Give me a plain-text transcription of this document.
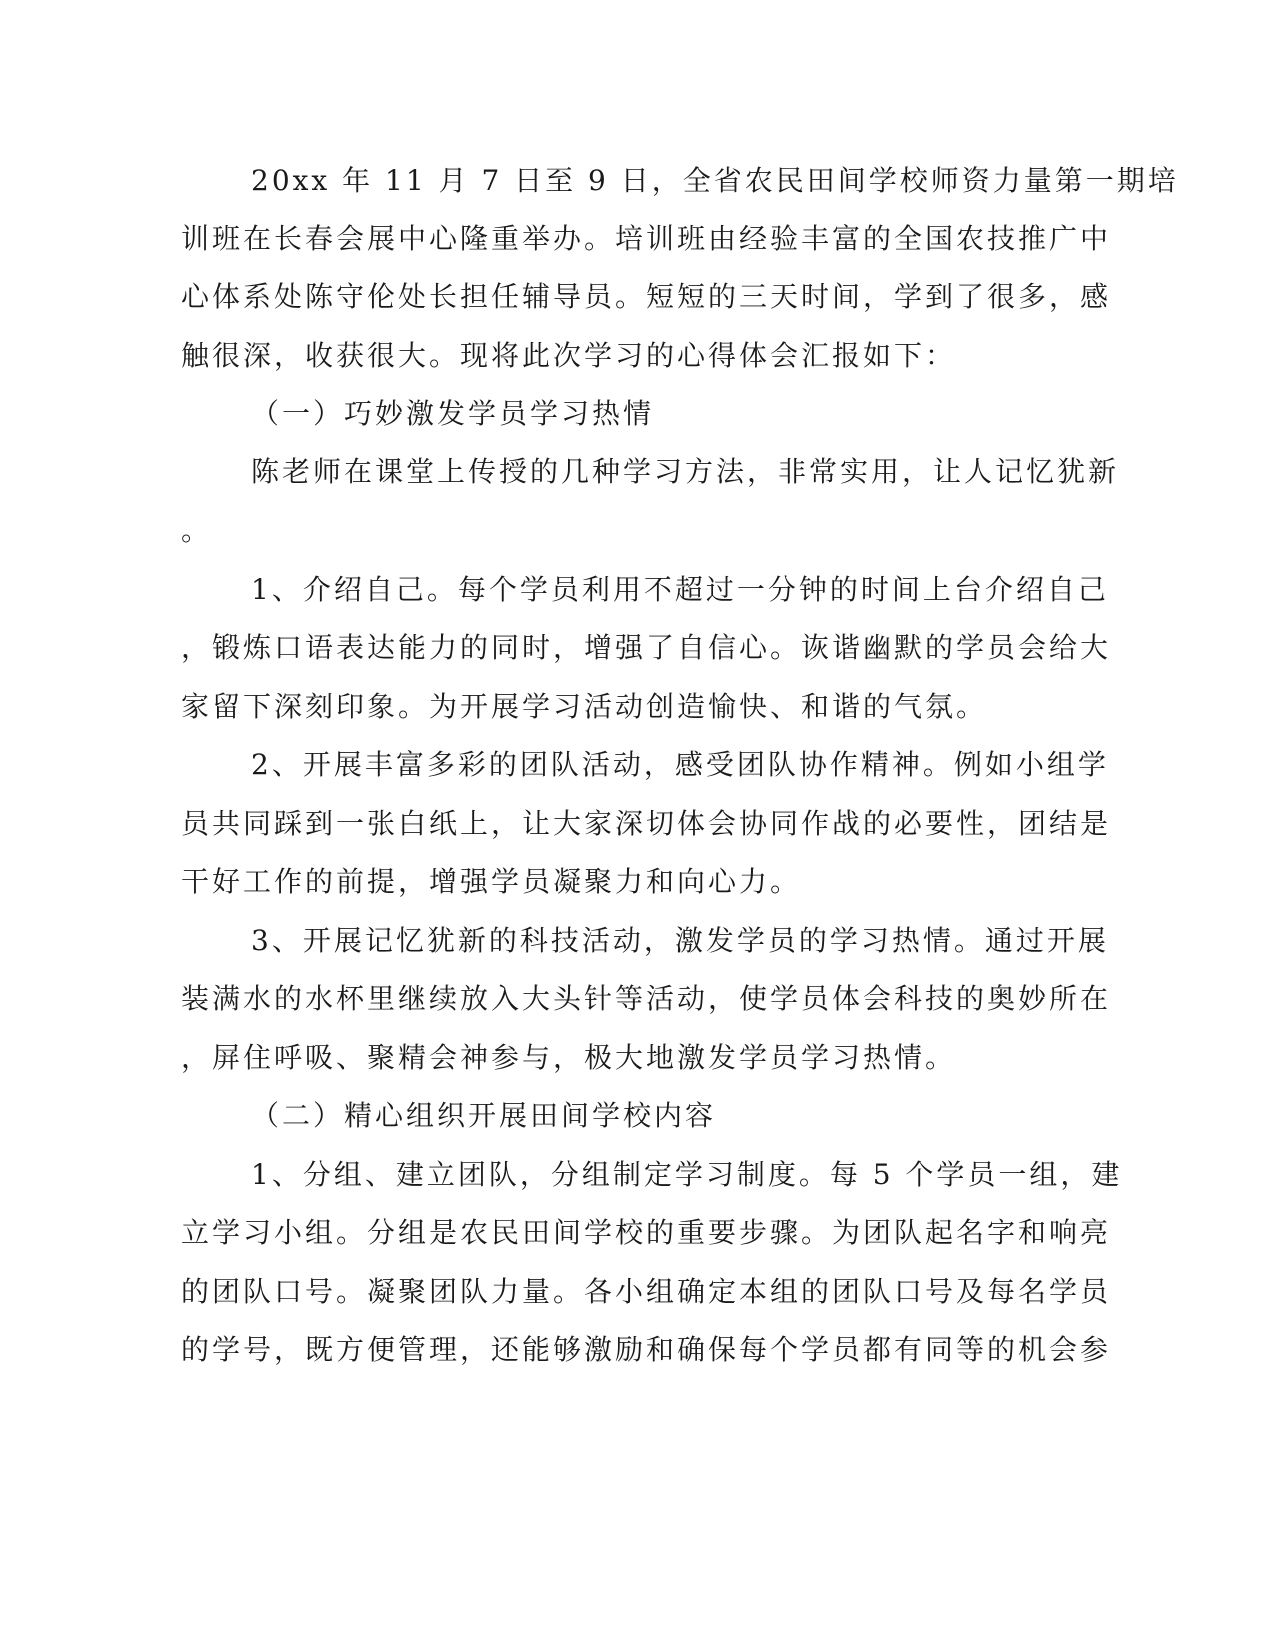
20xx 年 11 月 7 日至 9 日，全省农民田间学校师资力量第一期培

训班在长春会展中心隆重举办。培训班由经验丰富的全国农技推广中

心体系处陈守伦处长担任辅导员。短短的三天时间，学到了很多，感

触很深，收获很大。现将此次学习的心得体会汇报如下：

（一）巧妙激发学员学习热情

陈老师在课堂上传授的几种学习方法，非常实用，让人记忆犹新

。

1、介绍自己。每个学员利用不超过一分钟的时间上台介绍自己

，锻炼口语表达能力的同时，增强了自信心。诙谐幽默的学员会给大

家留下深刻印象。为开展学习活动创造愉快、和谐的气氛。

2、开展丰富多彩的团队活动，感受团队协作精神。例如小组学

员共同踩到一张白纸上，让大家深切体会协同作战的必要性，团结是

干好工作的前提，增强学员凝聚力和向心力。

3、开展记忆犹新的科技活动，激发学员的学习热情。通过开展

装满水的水杯里继续放入大头针等活动，使学员体会科技的奥妙所在

，屏住呼吸、聚精会神参与，极大地激发学员学习热情。

（二）精心组织开展田间学校内容

1、分组、建立团队，分组制定学习制度。每 5 个学员一组，建

立学习小组。分组是农民田间学校的重要步骤。为团队起名字和响亮

的团队口号。凝聚团队力量。各小组确定本组的团队口号及每名学员

的学号，既方便管理，还能够激励和确保每个学员都有同等的机会参
